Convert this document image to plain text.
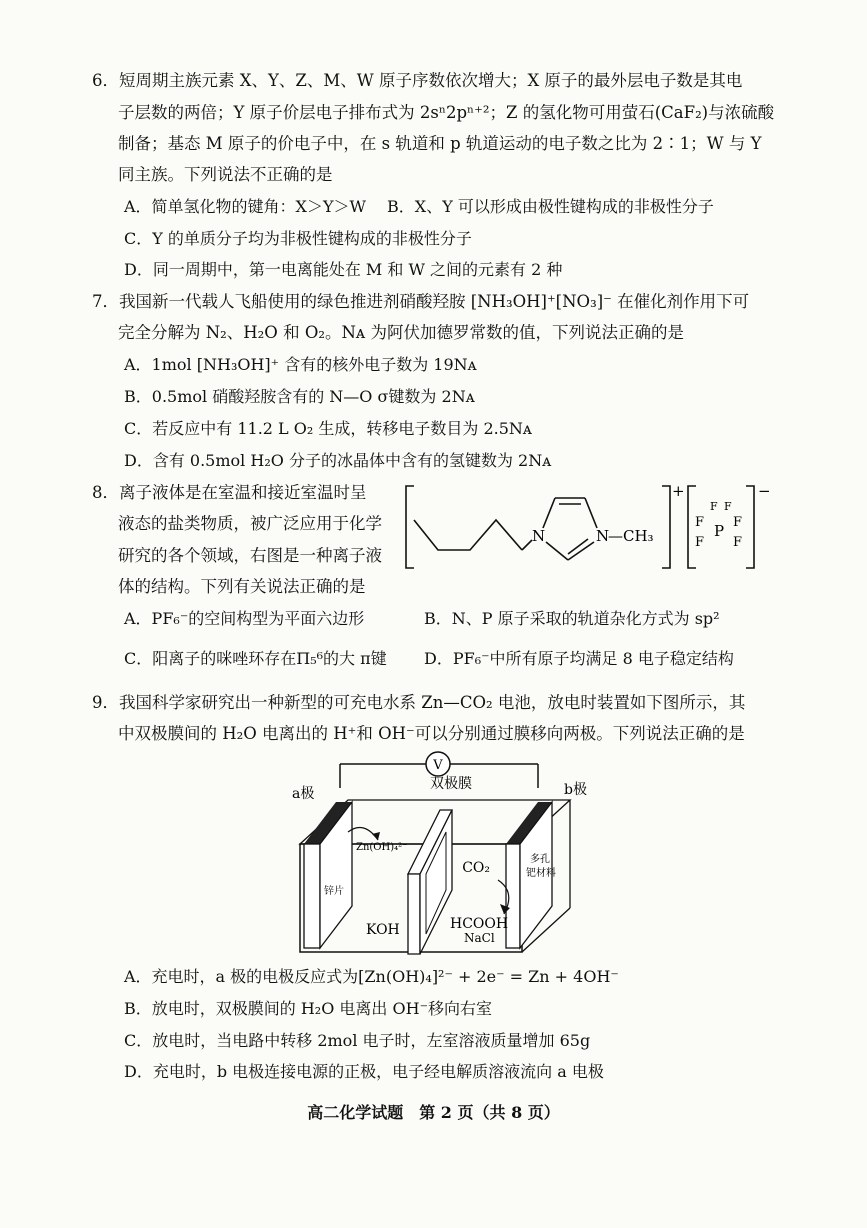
6．短周期主族元素 X、Y、Z、M、W 原子序数依次增大；X 原子的最外层电子数是其电
子层数的两倍；Y 原子价层电子排布式为 2sⁿ2pⁿ⁺²；Z 的氢化物可用萤石(CaF₂)与浓硫酸
制备；基态 M 原子的价电子中，在 s 轨道和 p 轨道运动的电子数之比为 2∶1；W 与 Y
同主族。下列说法不正确的是
A．简单氢化物的键角：X＞Y＞W　 B．X、Y 可以形成由极性键构成的非极性分子
C．Y 的单质分子均为非极性键构成的非极性分子
D．同一周期中，第一电离能处在 M 和 W 之间的元素有 2 种
7．我国新一代载人飞船使用的绿色推进剂硝酸羟胺 [NH₃OH]⁺[NO₃]⁻ 在催化剂作用下可
完全分解为 N₂、H₂O 和 O₂。Nᴀ 为阿伏加德罗常数的值，下列说法正确的是
A．1mol [NH₃OH]⁺ 含有的核外电子数为 19Nᴀ
B．0.5mol 硝酸羟胺含有的 N—O σ键数为 2Nᴀ
C．若反应中有 11.2 L O₂ 生成，转移电子数目为 2.5Nᴀ
D．含有 0.5mol H₂O 分子的冰晶体中含有的氢键数为 2Nᴀ
8．离子液体是在室温和接近室温时呈
液态的盐类物质，被广泛应用于化学
研究的各个领域，右图是一种离子液
体的结构。下列有关说法正确的是
+
N	N
—CH₃
−
P
F F
F F
F F
A．PF₆⁻的空间构型为平面六边形	B．N、P 原子采取的轨道杂化方式为 sp²
C．阳离子的咪唑环存在Π₅⁶的大 π键 D．PF₆⁻中所有原子均满足 8 电子稳定结构
9．我国科学家研究出一种新型的可充电水系 Zn—CO₂ 电池，放电时装置如下图所示，其
中双极膜间的 H₂O 电离出的 H⁺和 OH⁻可以分别通过膜移向两极。下列说法正确的是
V
a极	b极
双极膜
锌片
多孔
钯材料
Zn(OH)₄²⁻
KOH
CO₂
HCOOH
NaCl
A．充电时，a 极的电极反应式为[Zn(OH)₄]²⁻ + 2e⁻ = Zn + 4OH⁻
B．放电时，双极膜间的 H₂O 电离出 OH⁻移向右室
C．放电时，当电路中转移 2mol 电子时，左室溶液质量增加 65g
D．充电时，b 电极连接电源的正极，电子经电解质溶液流向 a 电极
高二化学试题　第 2 页（共 8 页）
